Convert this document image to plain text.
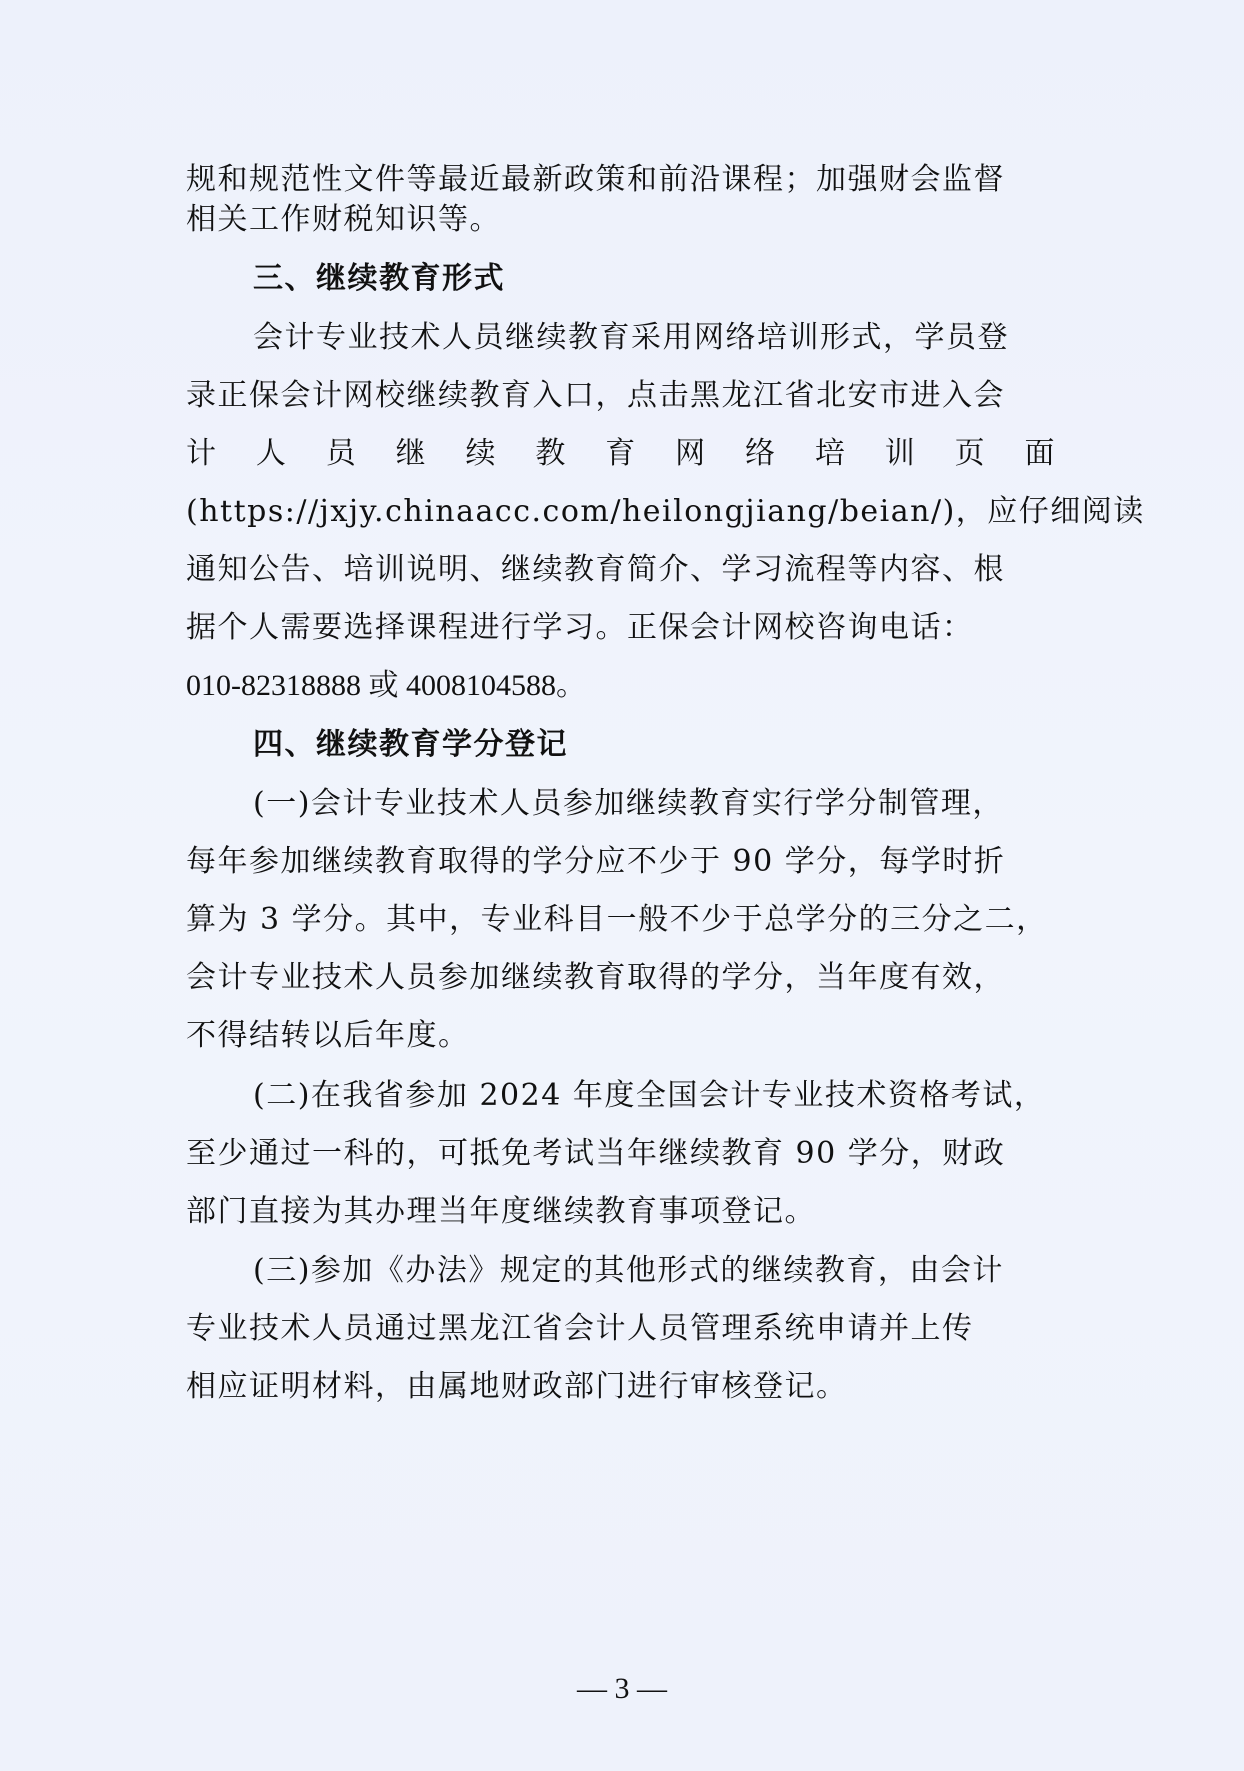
规和规范性文件等最近最新政策和前沿课程；加强财会监督
相关工作财税知识等。
三、继续教育形式
会计专业技术人员继续教育采用网络培训形式，学员登
录正保会计网校继续教育入口，点击黑龙江省北安市进入会
计 人 员 继 续 教 育 网 络 培 训 页 面
(https://jxjy.chinaacc.com/heilongjiang/beian/)，应仔细阅读
通知公告、培训说明、继续教育简介、学习流程等内容、根
据个人需要选择课程进行学习。正保会计网校咨询电话：
010-82318888 或 4008104588。
四、继续教育学分登记
(一)会计专业技术人员参加继续教育实行学分制管理，
每年参加继续教育取得的学分应不少于 90 学分，每学时折
算为 3 学分。其中，专业科目一般不少于总学分的三分之二，
会计专业技术人员参加继续教育取得的学分，当年度有效，
不得结转以后年度。
(二)在我省参加 2024 年度全国会计专业技术资格考试，
至少通过一科的，可抵免考试当年继续教育 90 学分，财政
部门直接为其办理当年度继续教育事项登记。
(三)参加《办法》规定的其他形式的继续教育，由会计
专业技术人员通过黑龙江省会计人员管理系统申请并上传
相应证明材料，由属地财政部门进行审核登记。
— 3 —
